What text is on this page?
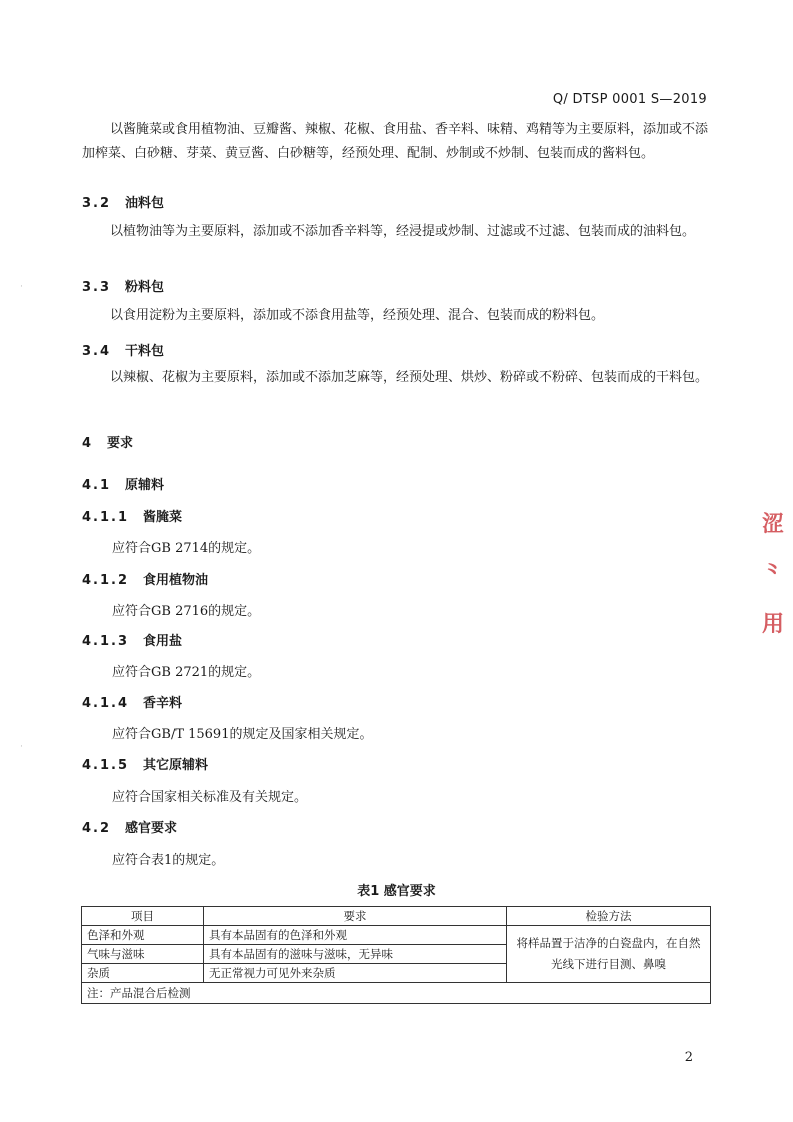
Q/ DTSP 0001 S—2019
以酱腌菜或食用植物油、豆瓣酱、辣椒、花椒、食用盐、香辛料、味精、鸡精等为主要原料，添加或不添加榨菜、白砂糖、芽菜、黄豆酱、白砂糖等，经预处理、配制、炒制或不炒制、包装而成的酱料包。
3.2 油料包
以植物油等为主要原料，添加或不添加香辛料等，经浸提或炒制、过滤或不过滤、包装而成的油料包。
3.3 粉料包
以食用淀粉为主要原料，添加或不添食用盐等，经预处理、混合、包装而成的粉料包。
3.4 干料包
以辣椒、花椒为主要原料，添加或不添加芝麻等，经预处理、烘炒、粉碎或不粉碎、包装而成的干料包。
4 要求
4.1 原辅料
4.1.1 酱腌菜
应符合GB 2714的规定。
4.1.2 食用植物油
应符合GB 2716的规定。
4.1.3 食用盐
应符合GB 2721的规定。
4.1.4 香辛料
应符合GB/T 15691的规定及国家相关规定。
4.1.5 其它原辅料
应符合国家相关标准及有关规定。
4.2 感官要求
应符合表1的规定。
表1 感官要求
项目	要求	检验方法
色泽和外观	具有本品固有的色泽和外观	将样品置于洁净的白瓷盘内，在自然光线下进行目测、鼻嗅
气味与滋味	具有本品固有的滋味与滋味，无异味	
杂质	无正常视力可见外来杂质	
注：产品混合后检测		
2
涩
⺀
用
·
·
